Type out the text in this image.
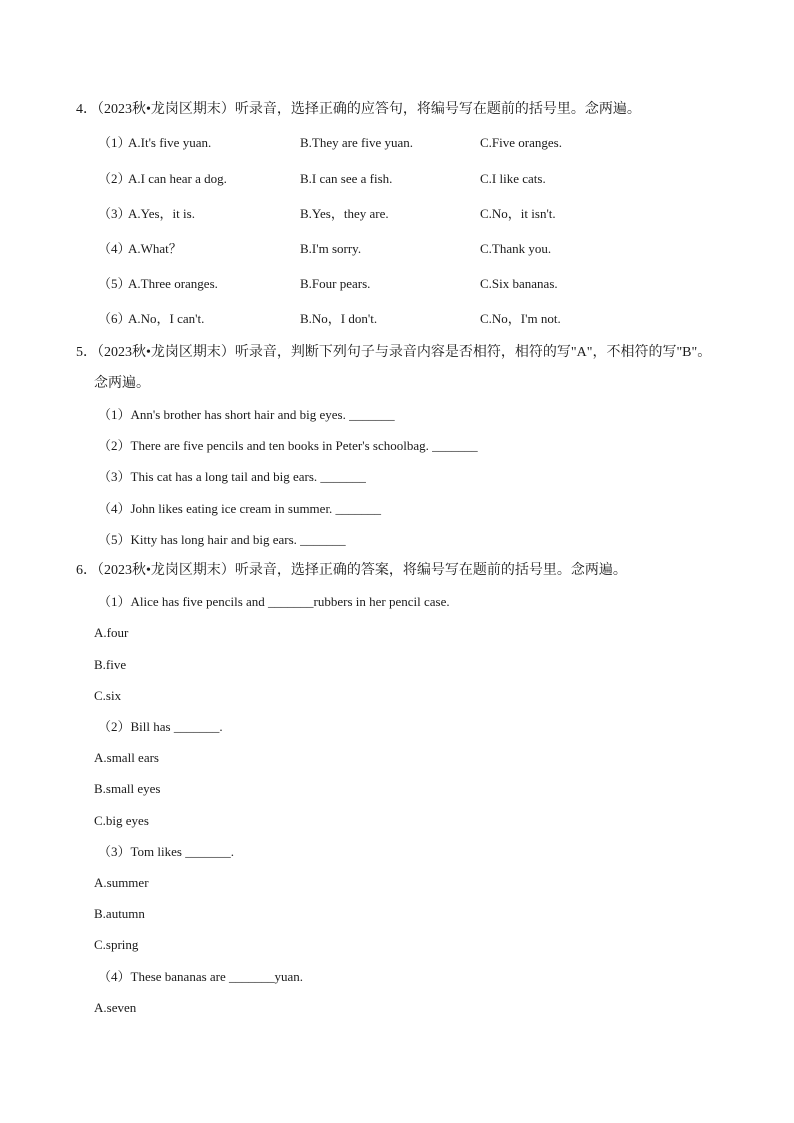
4．（2023秋•龙岗区期末）听录音，选择正确的应答句，将编号写在题前的括号里。念两遍。
（1）
A.It's five yuan.	B.They are five yuan.	C.Five oranges.
（2）
A.I can hear a dog.	B.I can see a fish.	C.I like cats.
（3）
A.Yes，it is.	B.Yes，they are.	C.No，it isn't.
（4）
A.What？	B.I'm sorry.	C.Thank you.
（5）
A.Three oranges.	B.Four pears.	C.Six bananas.
（6）
A.No，I can't.	B.No，I don't.	C.No，I'm not.
5．（2023秋•龙岗区期末）听录音，判断下列句子与录音内容是否相符，相符的写"A"，不相符的写"B"。
念两遍。
（1）Ann's brother has short hair and big eyes. _______
（2）There are five pencils and ten books in Peter's schoolbag. _______
（3）This cat has a long tail and big ears. _______
（4）John likes eating ice cream in summer. _______
（5）Kitty has long hair and big ears. _______
6．（2023秋•龙岗区期末）听录音，选择正确的答案，将编号写在题前的括号里。念两遍。
（1）Alice has five pencils and _______rubbers in her pencil case.
A.four
B.five
C.six
（2）Bill has _______.
A.small ears
B.small eyes
C.big eyes
（3）Tom likes _______.
A.summer
B.autumn
C.spring
（4）These bananas are _______yuan.
A.seven
